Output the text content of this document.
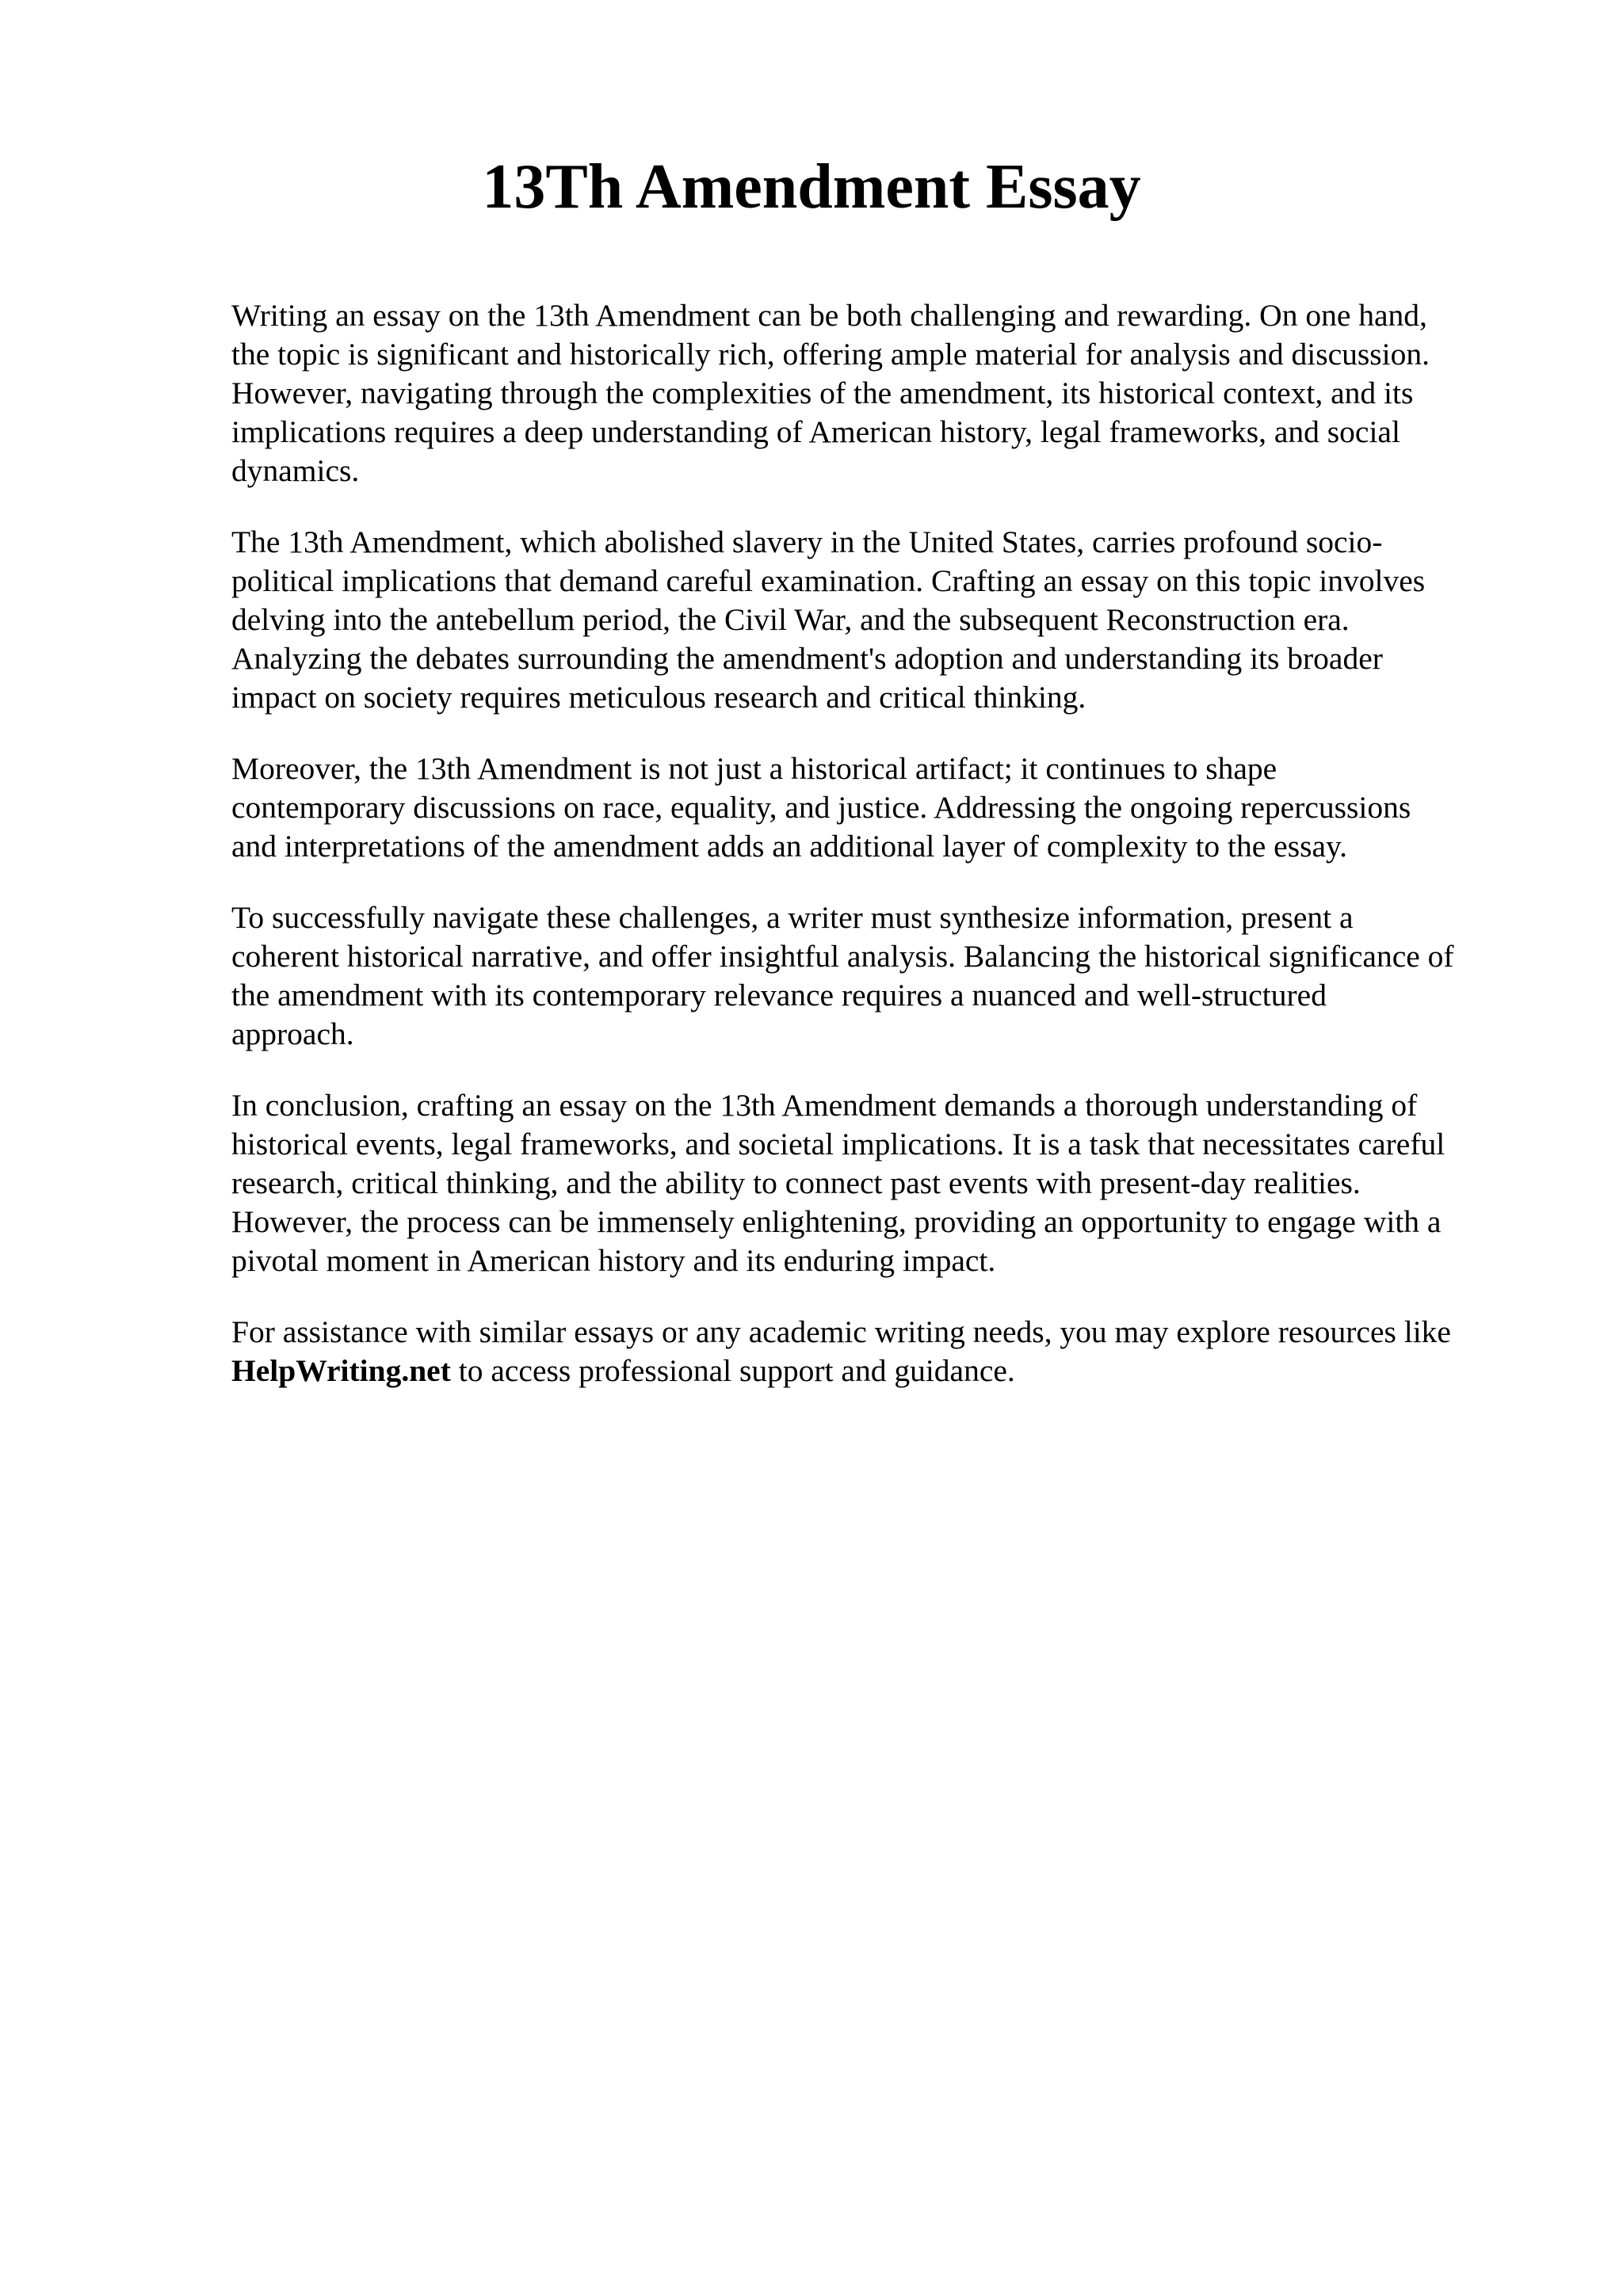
13Th Amendment Essay

Writing an essay on the 13th Amendment can be both challenging and rewarding. On one hand,
the topic is significant and historically rich, offering ample material for analysis and discussion.
However, navigating through the complexities of the amendment, its historical context, and its
implications requires a deep understanding of American history, legal frameworks, and social
dynamics.

The 13th Amendment, which abolished slavery in the United States, carries profound socio-
political implications that demand careful examination. Crafting an essay on this topic involves
delving into the antebellum period, the Civil War, and the subsequent Reconstruction era.
Analyzing the debates surrounding the amendment's adoption and understanding its broader
impact on society requires meticulous research and critical thinking.

Moreover, the 13th Amendment is not just a historical artifact; it continues to shape
contemporary discussions on race, equality, and justice. Addressing the ongoing repercussions
and interpretations of the amendment adds an additional layer of complexity to the essay.

To successfully navigate these challenges, a writer must synthesize information, present a
coherent historical narrative, and offer insightful analysis. Balancing the historical significance of
the amendment with its contemporary relevance requires a nuanced and well-structured
approach.

In conclusion, crafting an essay on the 13th Amendment demands a thorough understanding of
historical events, legal frameworks, and societal implications. It is a task that necessitates careful
research, critical thinking, and the ability to connect past events with present-day realities.
However, the process can be immensely enlightening, providing an opportunity to engage with a
pivotal moment in American history and its enduring impact.

For assistance with similar essays or any academic writing needs, you may explore resources like
HelpWriting.net to access professional support and guidance.
